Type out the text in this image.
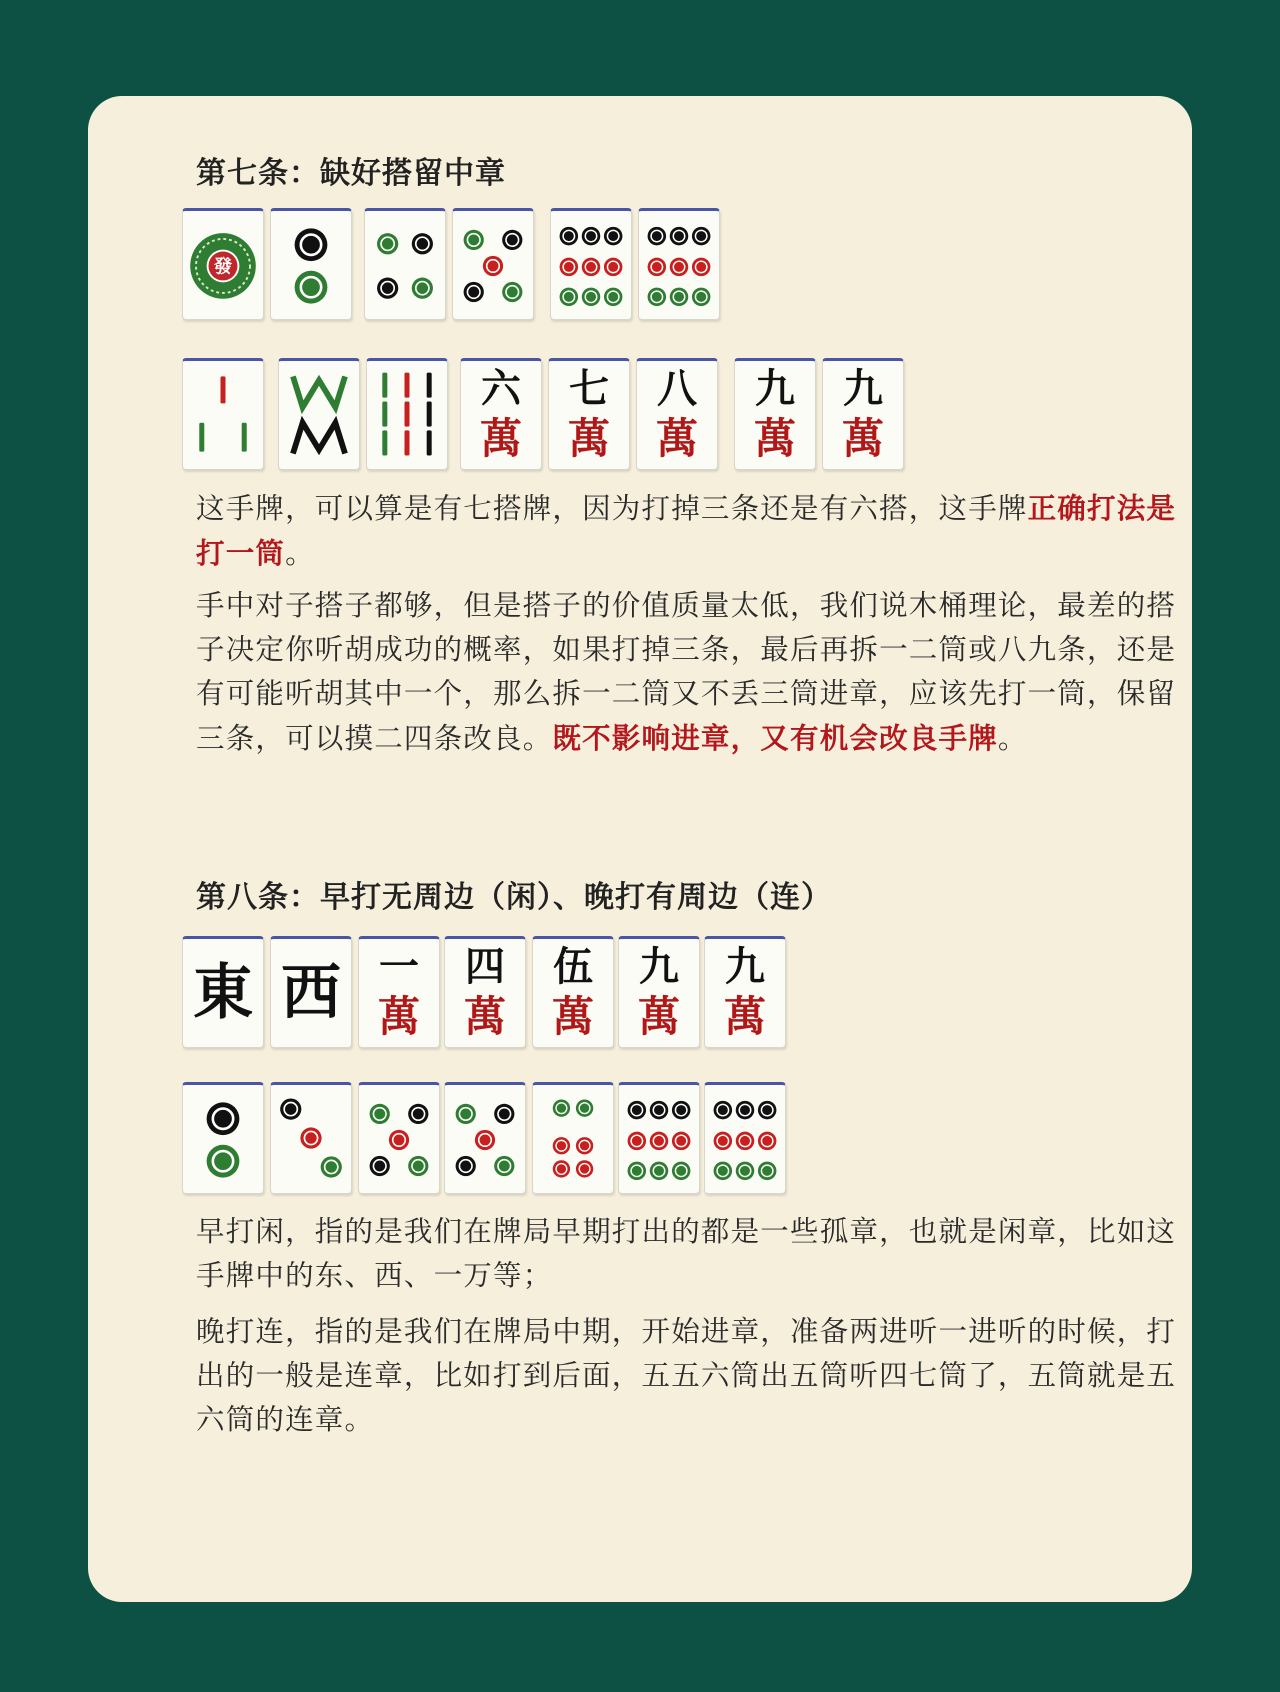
第七条：缺好搭留中章
發
六
萬
七
萬
八
萬
九
萬
九
萬

这手牌，可以算是有七搭牌，因为打掉三条还是有六搭，这手牌正确打法是打一筒。

手中对子搭子都够，但是搭子的价值质量太低，我们说木桶理论，最差的搭子决定你听胡成功的概率，如果打掉三条，最后再拆一二筒或八九条，还是有可能听胡其中一个，那么拆一二筒又不丢三筒进章，应该先打一筒，保留三条，可以摸二四条改良。既不影响进章，又有机会改良手牌。

第八条：早打无周边（闲）、晚打有周边（连）
東 西 一
萬
四
萬
伍
萬
九
萬
九
萬

早打闲，指的是我们在牌局早期打出的都是一些孤章，也就是闲章，比如这手牌中的东、西、一万等；

晚打连，指的是我们在牌局中期，开始进章，准备两进听一进听的时候，打出的一般是连章，比如打到后面，五五六筒出五筒听四七筒了，五筒就是五六筒的连章。
